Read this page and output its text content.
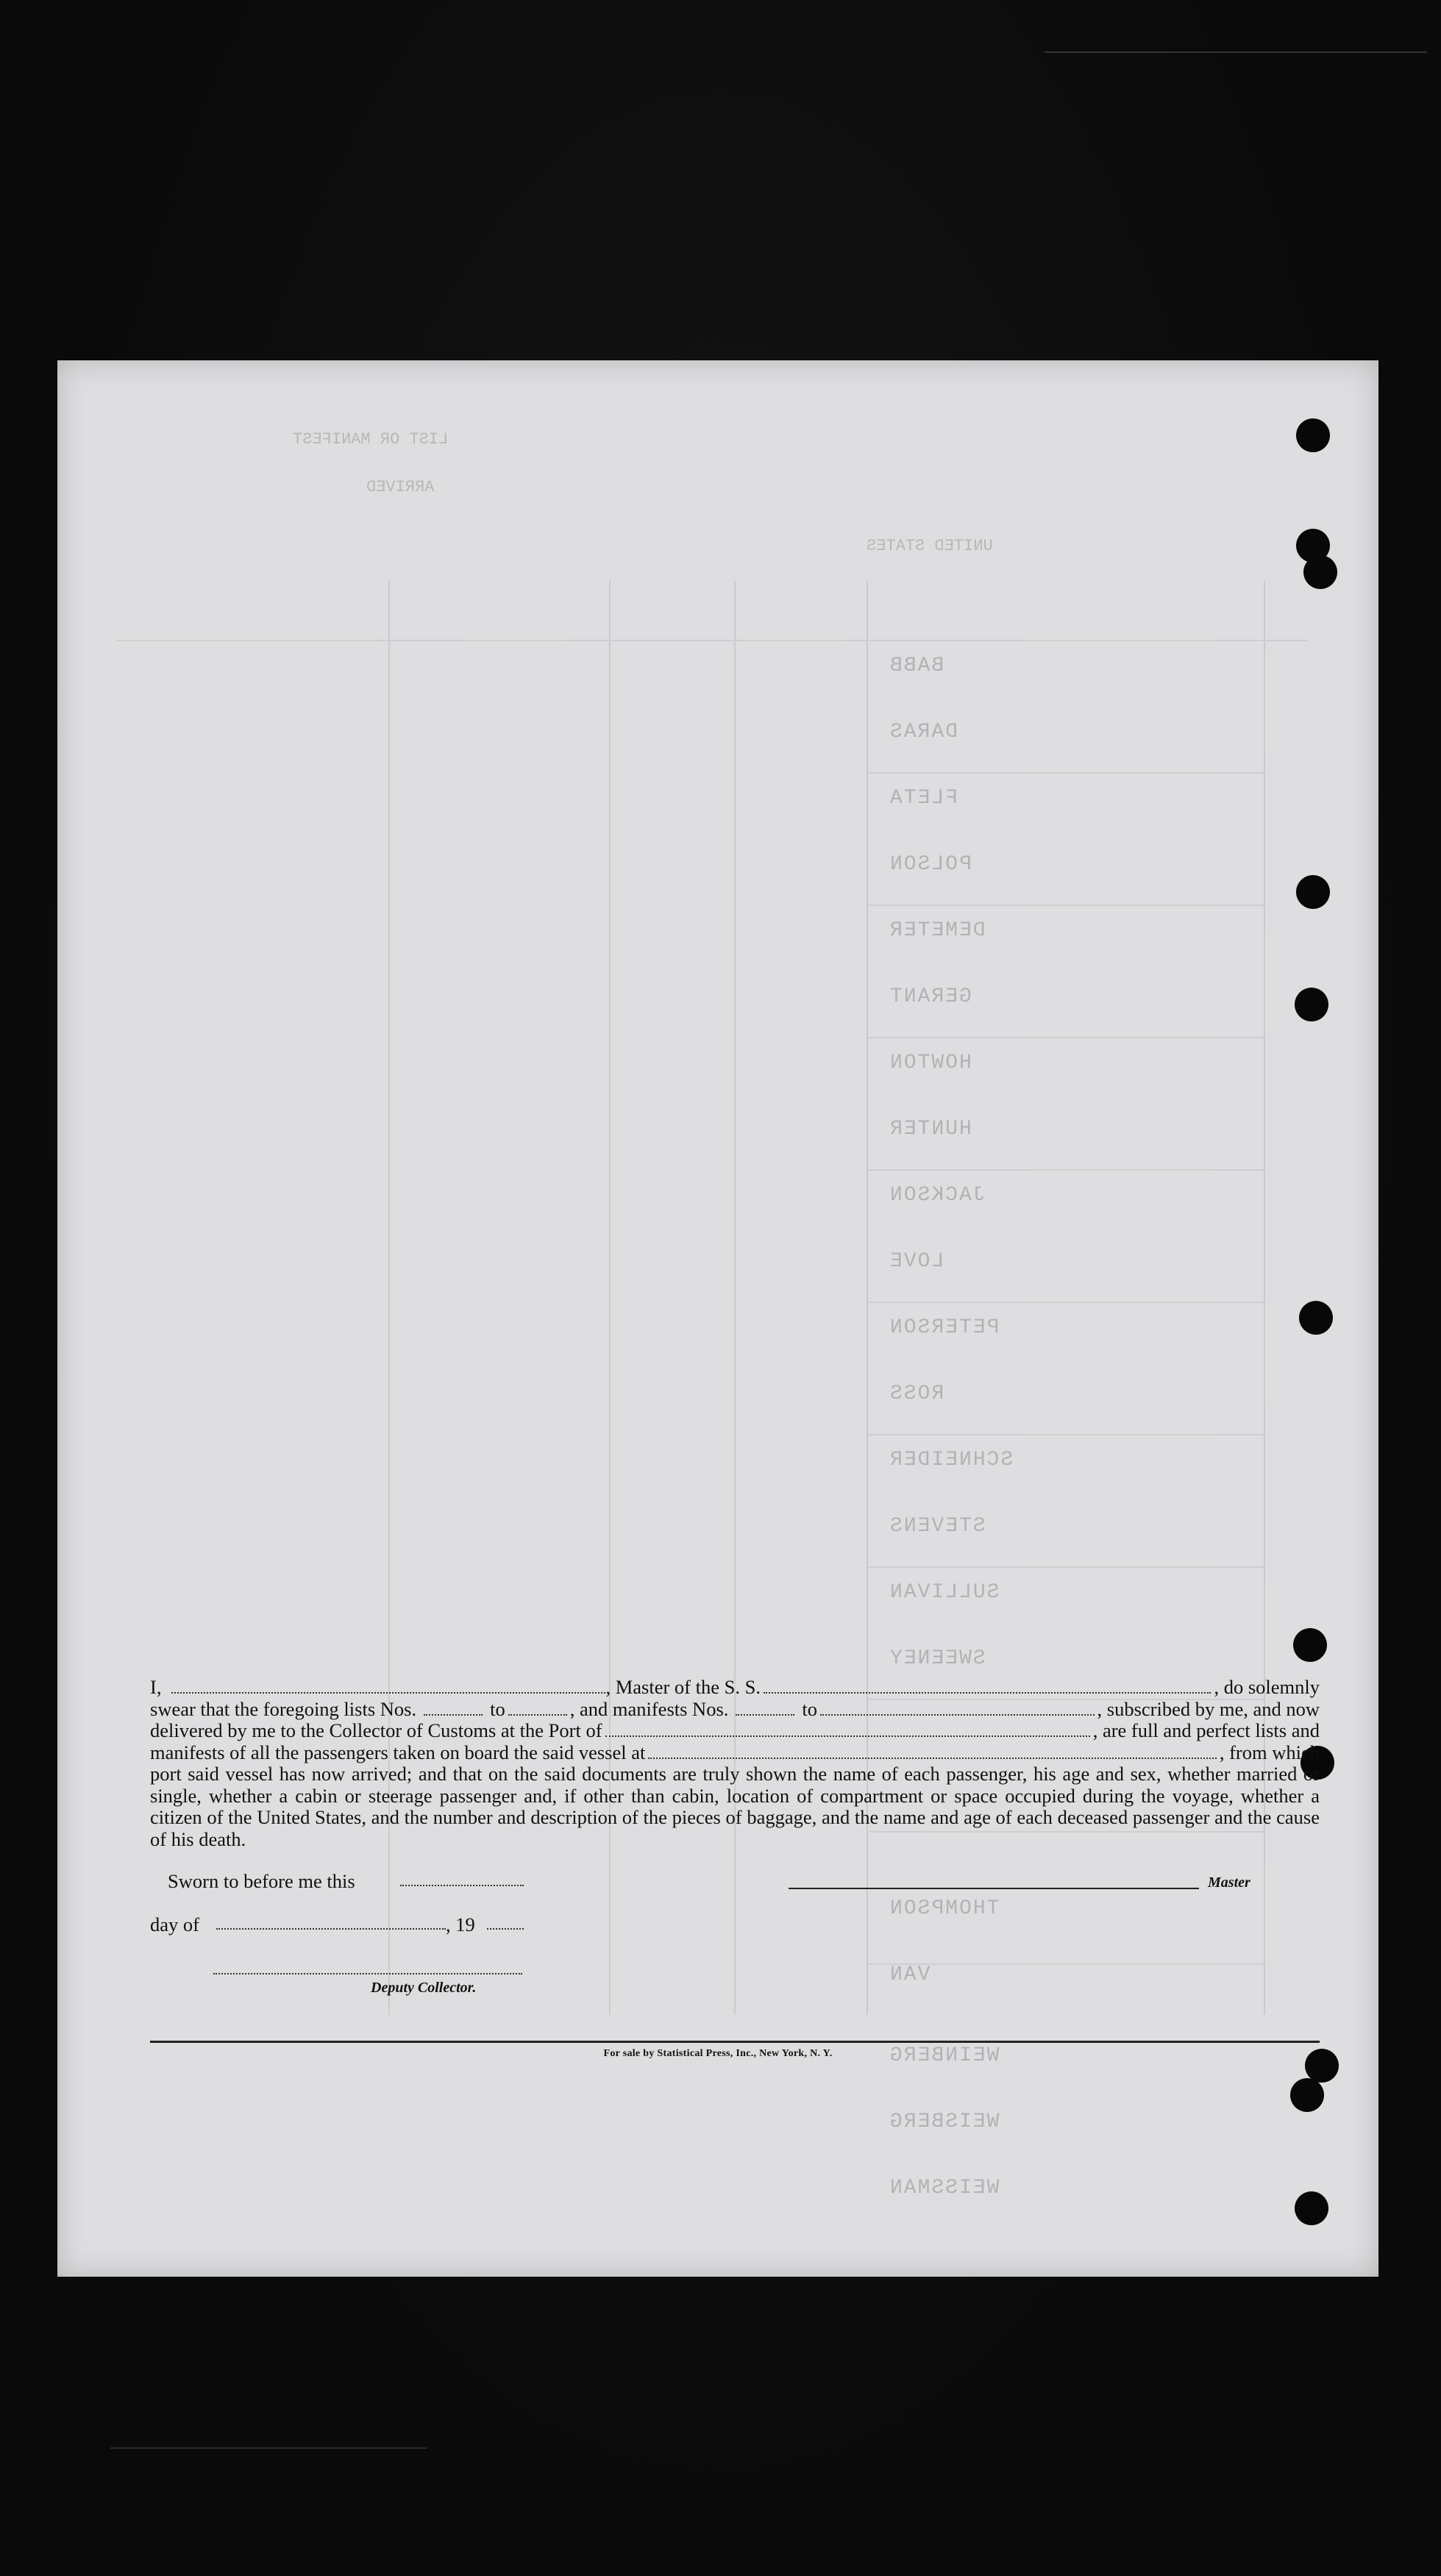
LIST OR MANIFEST
ARRIVED
UNITED STATES
BABB
DARAS
FLETA
POLSON
DEMETER
GERANT
HOWTON
HUNTER
JACKSON
LOVE
PETERSON
ROSS
SCHNEIDER
STEVENS
SULLIVAN
SWEENEY
THOMPSON
VAN
WEINBERG
WEISBERG
WEISSMAN
I,	, Master of the S. S.	, do solemnly
swear that the foregoing lists Nos.	to	, and manifests Nos.	to	, subscribed by me, and now
delivered by me to the Collector of Customs at the Port of	, are full and perfect lists and
manifests of all the passengers taken on board the said vessel at	, from which
port said vessel has now arrived; and that on the said documents are truly shown the name of each passenger, his age and sex, whether married or single, whether a cabin or steerage passenger and, if other than cabin, location of compartment or space occupied during the voyage, whether a citizen of the United States, and the number and description of the pieces of baggage, and the name and age of each deceased passenger and the cause of his death.
Sworn to before me this	Master
day of	, 19
Deputy Collector.
For sale by Statistical Press, Inc., New York, N. Y.
